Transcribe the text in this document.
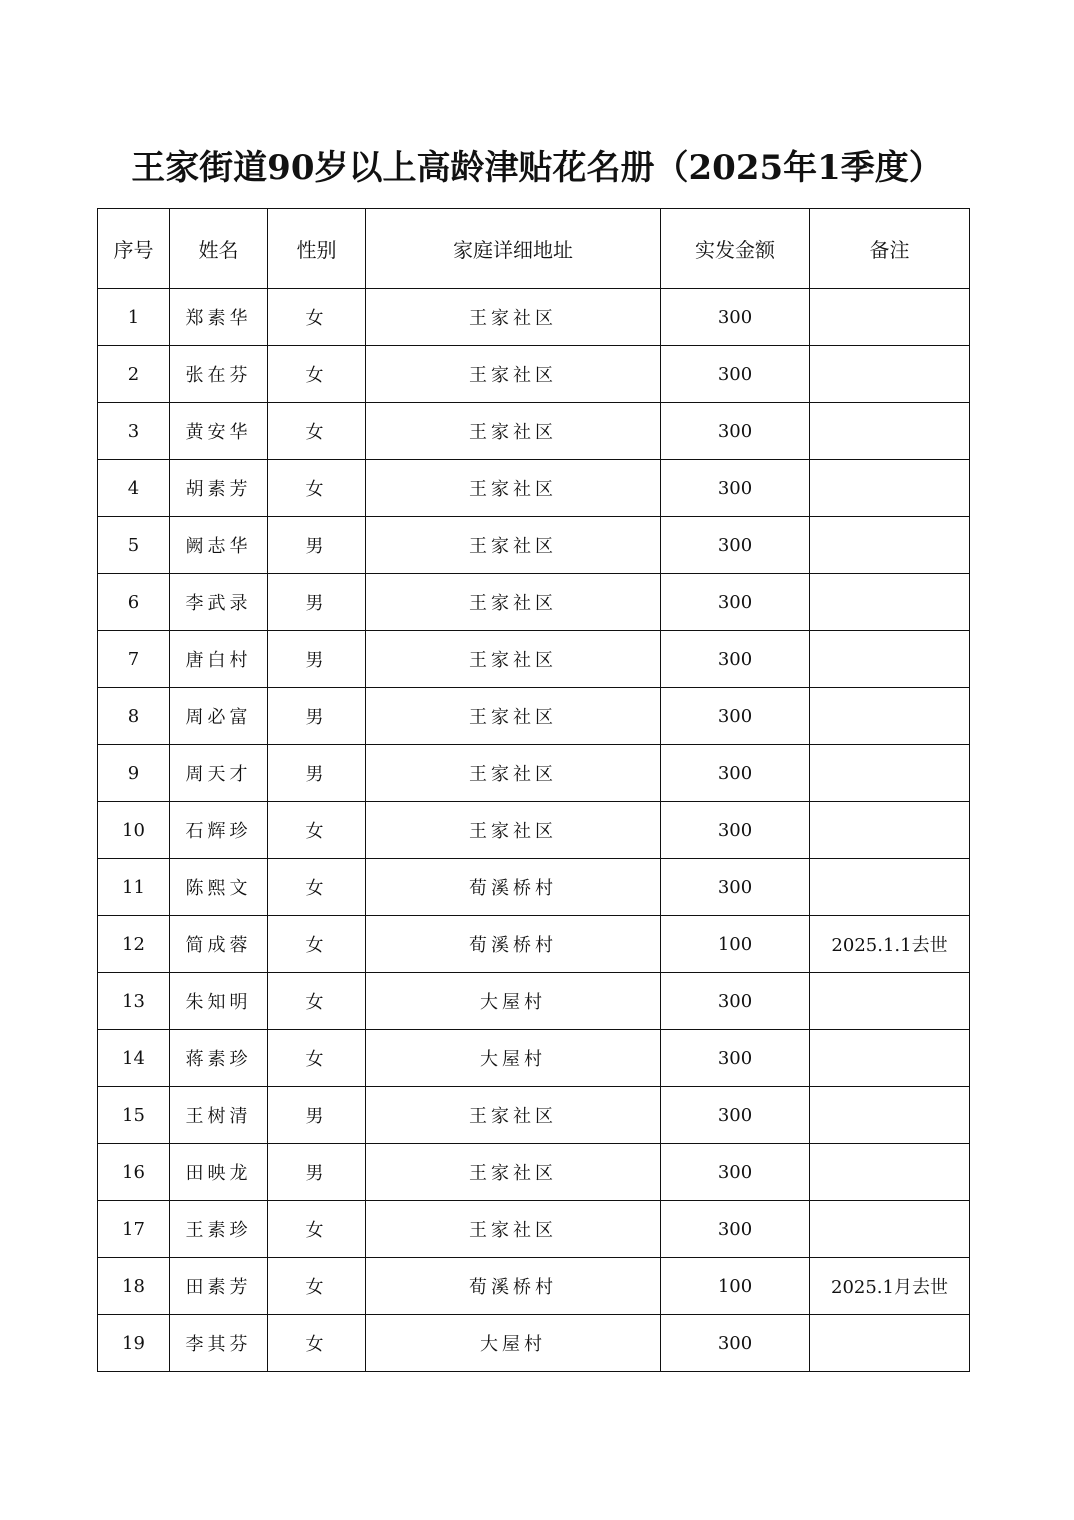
王家街道90岁以上高龄津贴花名册（2025年1季度）
序号	姓名	性别	家庭详细地址	实发金额	备注
1	郑素华	女	王家社区	300	
2	张在芬	女	王家社区	300	
3	黄安华	女	王家社区	300	
4	胡素芳	女	王家社区	300	
5	阙志华	男	王家社区	300	
6	李武录	男	王家社区	300	
7	唐白村	男	王家社区	300	
8	周必富	男	王家社区	300	
9	周天才	男	王家社区	300	
10	石辉珍	女	王家社区	300	
11	陈熙文	女	荀溪桥村	300	
12	简成蓉	女	荀溪桥村	100	2025.1.1去世
13	朱知明	女	大屋村	300	
14	蒋素珍	女	大屋村	300	
15	王树清	男	王家社区	300	
16	田映龙	男	王家社区	300	
17	王素珍	女	王家社区	300	
18	田素芳	女	荀溪桥村	100	2025.1月去世
19	李其芬	女	大屋村	300	
